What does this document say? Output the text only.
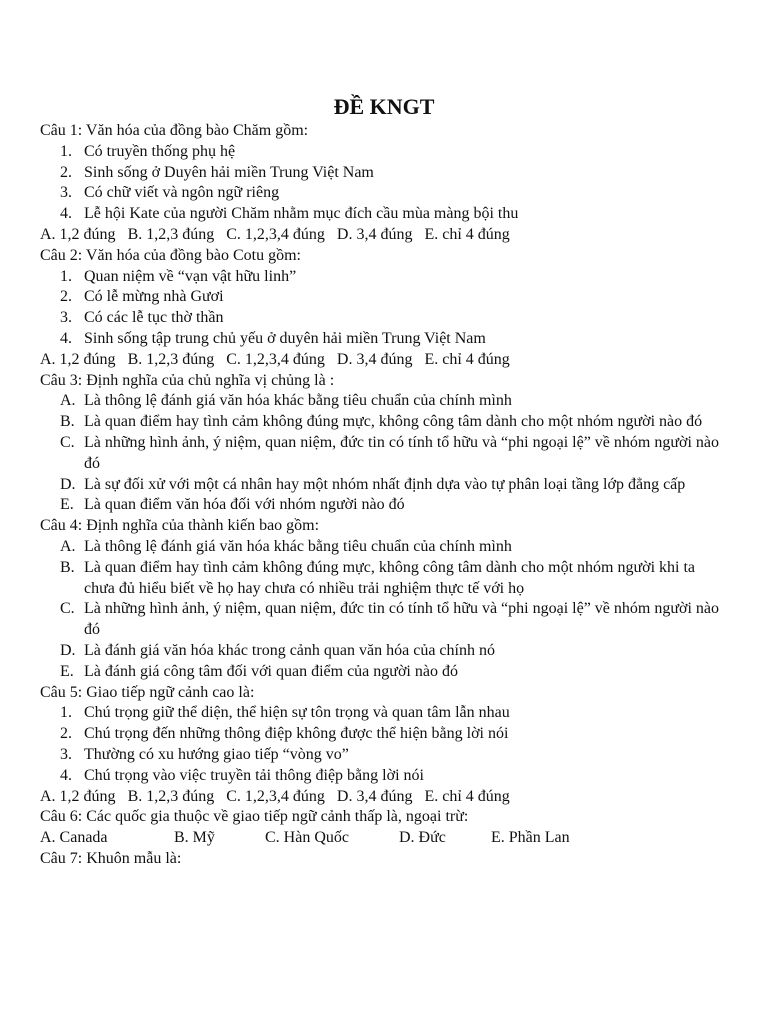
ĐỀ KNGT
Câu 1: Văn hóa của đồng bào Chăm gồm:
1. Có truyền thống phụ hệ
2. Sinh sống ở Duyên hải miền Trung Việt Nam
3. Có chữ viết và ngôn ngữ riêng
4. Lễ hội Kate của người Chăm nhằm mục đích cầu mùa màng bội thu
A. 1,2 đúng B. 1,2,3 đúng C. 1,2,3,4 đúng D. 3,4 đúng E. chỉ 4 đúng
Câu 2: Văn hóa của đồng bào Cotu gồm:
1. Quan niệm về “vạn vật hữu linh”
2. Có lễ mừng nhà Gươi
3. Có các lễ tục thờ thần
4. Sinh sống tập trung chủ yếu ở duyên hải miền Trung Việt Nam
A. 1,2 đúng B. 1,2,3 đúng C. 1,2,3,4 đúng D. 3,4 đúng E. chỉ 4 đúng
Câu 3: Định nghĩa của chủ nghĩa vị chủng là :
A. Là thông lệ đánh giá văn hóa khác bằng tiêu chuẩn của chính mình
B. Là quan điểm hay tình cảm không đúng mực, không công tâm dành cho một nhóm người nào đó
C. Là những hình ảnh, ý niệm, quan niệm, đức tin có tính tổ hữu và “phi ngoại lệ” về nhóm người nào đó
D. Là sự đối xử với một cá nhân hay một nhóm nhất định dựa vào tự phân loại tầng lớp đẳng cấp
E. Là quan điểm văn hóa đối với nhóm người nào đó
Câu 4: Định nghĩa của thành kiến bao gồm:
A. Là thông lệ đánh giá văn hóa khác bằng tiêu chuẩn của chính mình
B. Là quan điểm hay tình cảm không đúng mực, không công tâm dành cho một nhóm người khi ta chưa đủ hiểu biết về họ hay chưa có nhiều trải nghiệm thực tế với họ
C. Là những hình ảnh, ý niệm, quan niệm, đức tin có tính tổ hữu và “phi ngoại lệ” về nhóm người nào đó
D. Là đánh giá văn hóa khác trong cảnh quan văn hóa của chính nó
E. Là đánh giá công tâm đối với quan điểm của người nào đó
Câu 5: Giao tiếp ngữ cảnh cao là:
1. Chú trọng giữ thể diện, thể hiện sự tôn trọng và quan tâm lẫn nhau
2. Chú trọng đến những thông điệp không được thể hiện bằng lời nói
3. Thường có xu hướng giao tiếp “vòng vo”
4. Chú trọng vào việc truyền tải thông điệp bằng lời nói
A. 1,2 đúng B. 1,2,3 đúng C. 1,2,3,4 đúng D. 3,4 đúng E. chỉ 4 đúng
Câu 6: Các quốc gia thuộc về giao tiếp ngữ cảnh thấp là, ngoại trừ:
A. Canada	B. Mỹ	C. Hàn Quốc	D. Đức	E. Phần Lan
Câu 7: Khuôn mẫu là:
